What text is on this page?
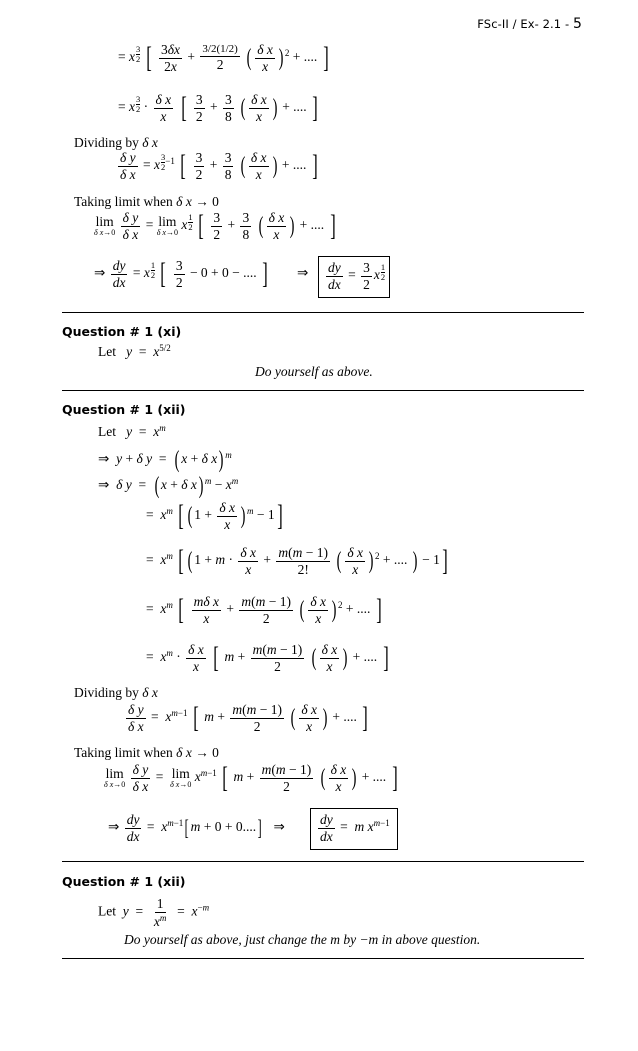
FSc-II / Ex- 2.1 - 5
= x $\frac{3}{2}$ [ $\frac{3\delta x}{2x} + 3/2(1/2)$
2 ( $\frac{\text{δ x}}{x}$ ) $^2$ + .... ]
= x $\frac{3}{2} \cdot \frac{\text{δ x}}{x}$ [ $\frac{3}{2} + \frac{3}{8}$ ( $\frac{\text{δ x}}{x}$ ) + .... ]
Dividing by δ x
$\frac{\text{δ y}}{\text{δ x}} = x \frac{3}{2} ^{-1}$ [ $\frac{3}{2} + \frac{3}{8}$ ( $\frac{\text{δ x}}{x}$ ) + .... ]
Taking limit when δ x → 0
lim
δ x→0
$\frac{\text{δ y}}{\text{δ x}} = \lim$
δ x→0
x $\frac{1}{2}$ [ $\frac{3}{2} + \frac{3}{8}$ ( $\frac{\text{δ x}}{x}$ ) + .... ]
⇒ $\frac{dy}{dx} = x \frac{1}{2}$ [ $\frac{3}{2} - 0 + 0$ − .... ]        ⇒ $\frac{dy}{dx} = \frac{3}{2}$ x $\frac{1}{2}$
Question # 1 (xi)
Let $y = x^{5/2}$
Do yourself as above.
Question # 1 (xii)
Let $y = x^m$
⇒  y + δ y  =  ( x + δ x) $^m$
⇒  δ y  =  ( x + δ x) $^m - x^m$
=  $x^m$ [ ( $1 + \frac{\text{δ x}}{x}$ ) $^m$ − 1]
=  $x^m$ [ ( $1 + m \cdot \frac{\text{δ x}}{x} + \frac{m(m - 1)}{2!}$ ( $\frac{\text{δ x}}{x}$ ) $^2$ + .... ) − 1]
=  $x^m$ [ $\frac{\text{mδ x}}{x} + \frac{m(m - 1)}{2}$ ( $\frac{\text{δ x}}{x}$ ) $^2$ + .... ]
=  $x^m \cdot \frac{\text{δ x}}{x}$ [ $m + \frac{m(m - 1)}{2}$ ( $\frac{\text{δ x}}{x}$ ) + .... ]
Dividing by δ x
$\frac{\text{δ y}}{\text{δ x}} = x^{m-1}$ [ $m + \frac{m(m - 1)}{2}$ ( $\frac{\text{δ x}}{x}$ ) + .... ]
Taking limit when δ x → 0
lim
δ x→0
$\frac{\text{δ y}}{\text{δ x}} = \lim$
δ x→0
$x^{m-1}$ [ $m + \frac{m(m - 1)}{2}$ ( $\frac{\text{δ x}}{x}$ ) + .... ]
⇒ $\frac{dy}{dx} = x^{m-1}$[ m + 0 + 0....]   ⇒ $\frac{dy}{dx} = m$ $x^{m-1}$
Question # 1 (xii)
Let $y = \frac{1}{x^m} = x^{-m}$
Do yourself as above, just change the m by −m in above question.
